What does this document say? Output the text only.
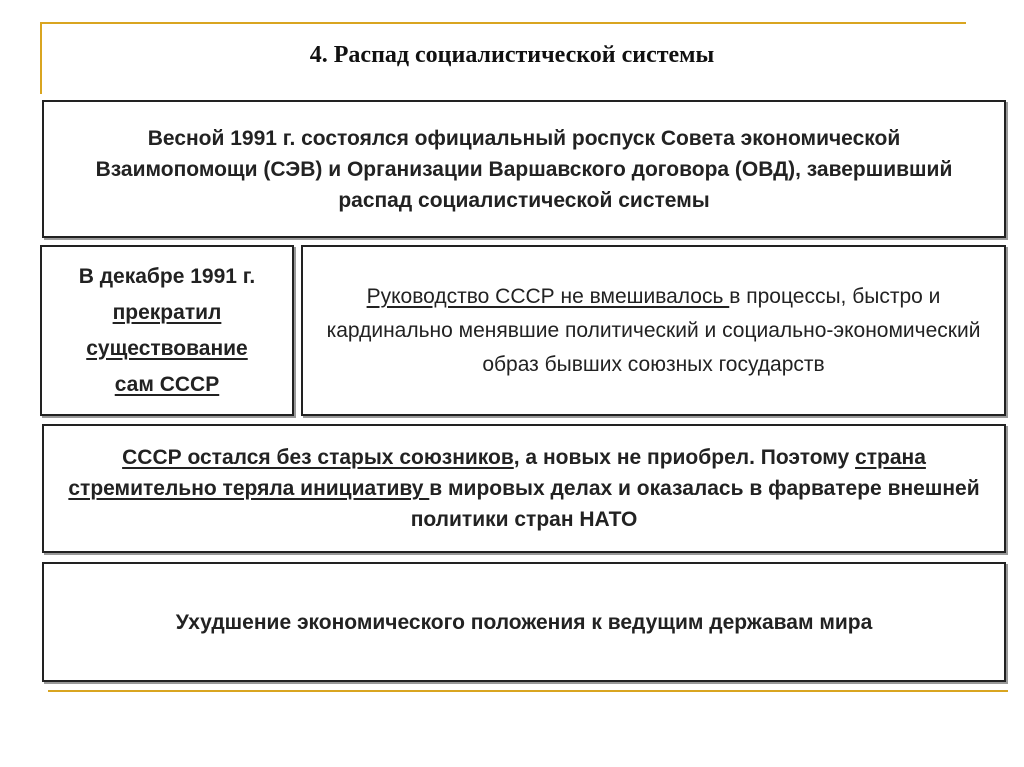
4. Распад социалистической системы

Весной 1991 г. состоялся официальный роспуск Совета экономической Взаимопомощи (СЭВ) и Организации Варшавского договора (ОВД), завершивший распад социалистической системы

В декабре 1991 г.
прекратил
существование
сам СССР

Руководство СССР не вмешивалось в процессы, быстро и кардинально менявшие политический и социально-экономический образ бывших союзных государств

СССР остался без старых союзников, а новых не приобрел. Поэтому страна стремительно теряла инициативу в мировых делах и оказалась в фарватере внешней политики стран НАТО

Ухудшение экономического положения к ведущим державам мира
